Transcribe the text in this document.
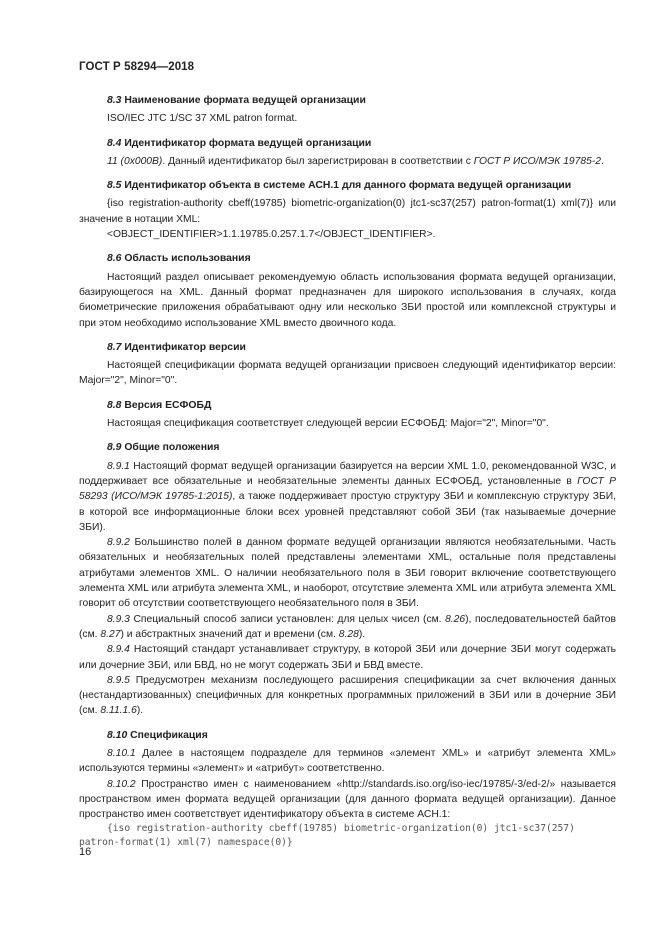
ГОСТ Р 58294—2018
8.3 Наименование формата ведущей организации

ISO/IEC JTC 1/SC 37 XML patron format.

8.4 Идентификатор формата ведущей организации

11 (0x000B). Данный идентификатор был зарегистрирован в соответствии с ГОСТ Р ИСО/МЭК 19785-2.

8.5 Идентификатор объекта в системе АСН.1 для данного формата ведущей организации

{iso registration-authority cbeff(19785) biometric-organization(0) jtc1-sc37(257) patron-format(1) xml(7)} или значение в нотации XML:

<OBJECT_IDENTIFIER>1.1.19785.0.257.1.7</OBJECT_IDENTIFIER>.

8.6 Область использования

Настоящий раздел описывает рекомендуемую область использования формата ведущей организации, базирующегося на XML. Данный формат предназначен для широкого использования в случаях, когда биометрические приложения обрабатывают одну или несколько ЗБИ простой или комплексной структуры и при этом необходимо использование XML вместо двоичного кода.

8.7 Идентификатор версии

Настоящей спецификации формата ведущей организации присвоен следующий идентификатор версии: Major="2", Minor="0".

8.8 Версия ЕСФОБД

Настоящая спецификация соответствует следующей версии ЕСФОБД: Major="2", Minor="0".

8.9 Общие положения

8.9.1 Настоящий формат ведущей организации базируется на версии XML 1.0, рекомендованной W3C, и поддерживает все обязательные и необязательные элементы данных ЕСФОБД, установленные в ГОСТ Р 58293 (ИСО/МЭК 19785-1:2015), а также поддерживает простую структуру ЗБИ и комплексную структуру ЗБИ, в которой все информационные блоки всех уровней представляют собой ЗБИ (так называемые дочерние ЗБИ).

8.9.2 Большинство полей в данном формате ведущей организации являются необязательными. Часть обязательных и необязательных полей представлены элементами XML, остальные поля представлены атрибутами элементов XML. О наличии необязательного поля в ЗБИ говорит включение соответствующего элемента XML или атрибута элемента XML, и наоборот, отсутствие элемента XML или атрибута элемента XML говорит об отсутствии соответствующего необязательного поля в ЗБИ.

8.9.3 Специальный способ записи установлен: для целых чисел (см. 8.26), последовательностей байтов (см. 8.27) и абстрактных значений дат и времени (см. 8.28).

8.9.4 Настоящий стандарт устанавливает структуру, в которой ЗБИ или дочерние ЗБИ могут содержать или дочерние ЗБИ, или БВД, но не могут содержать ЗБИ и БВД вместе.

8.9.5 Предусмотрен механизм последующего расширения спецификации за счет включения данных (нестандартизованных) специфичных для конкретных программных приложений в ЗБИ или в дочерние ЗБИ (см. 8.11.1.6).

8.10 Спецификация

8.10.1 Далее в настоящем подразделе для терминов «элемент XML» и «атрибут элемента XML» используются термины «элемент» и «атрибут» соответственно.

8.10.2 Пространство имен с наименованием «http://standards.iso.org/iso-iec/19785/-3/ed-2/» называется пространством имен формата ведущей организации (для данного формата ведущей организации). Данное пространство имен соответствует идентификатору объекта в системе АСН.1:

{iso registration-authority cbeff(19785) biometric-organization(0) jtc1-sc37(257)
patron-format(1) xml(7) namespace(0)}
16
